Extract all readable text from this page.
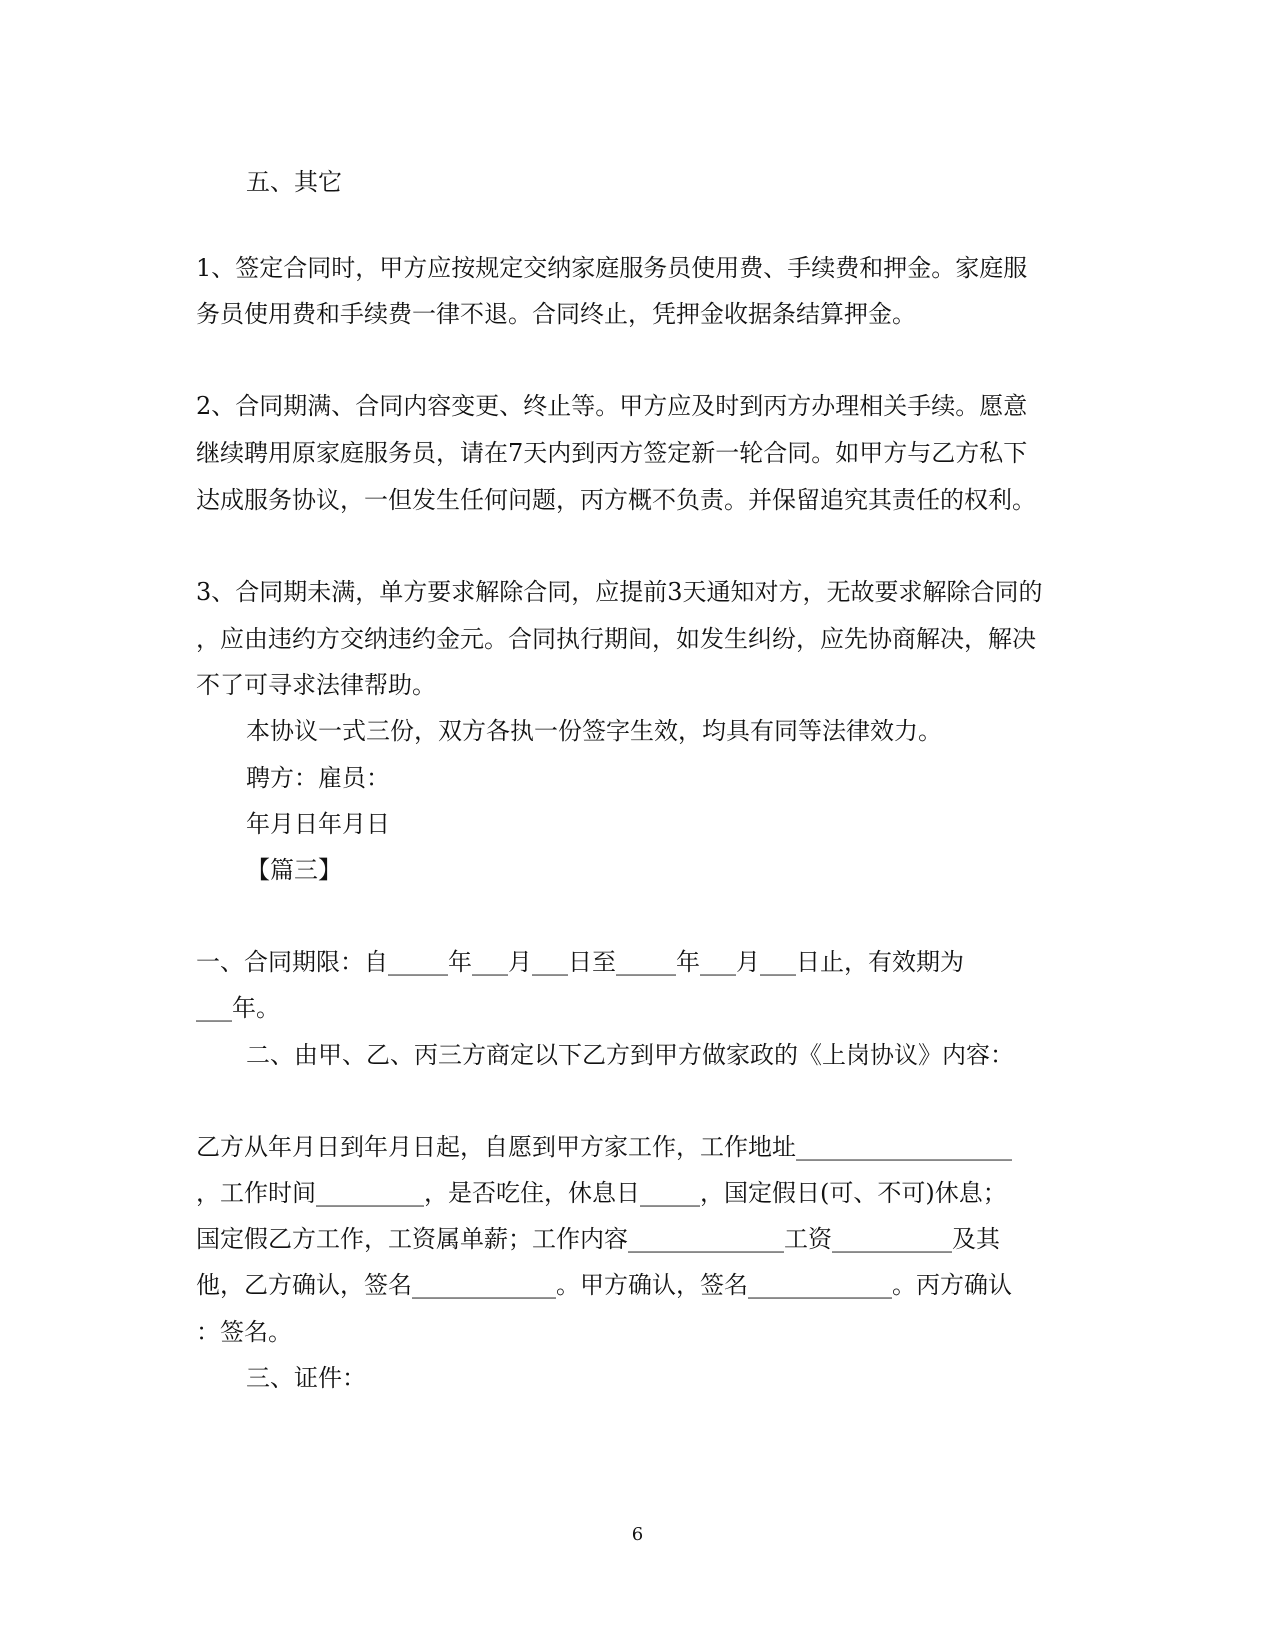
五、其它
1、签定合同时，甲方应按规定交纳家庭服务员使用费、手续费和押金。家庭服
务员使用费和手续费一律不退。合同终止，凭押金收据条结算押金。
2、合同期满、合同内容变更、终止等。甲方应及时到丙方办理相关手续。愿意
继续聘用原家庭服务员，请在7天内到丙方签定新一轮合同。如甲方与乙方私下
达成服务协议，一但发生任何问题，丙方概不负责。并保留追究其责任的权利。
3、合同期未满，单方要求解除合同，应提前3天通知对方，无故要求解除合同的
，应由违约方交纳违约金元。合同执行期间，如发生纠纷，应先协商解决，解决
不了可寻求法律帮助。
本协议一式三份，双方各执一份签字生效，均具有同等法律效力。
聘方：雇员：
年月日年月日
【篇三】
一、合同期限：自_____年___月___日至_____年___月___日止，有效期为
___年。
二、由甲、乙、丙三方商定以下乙方到甲方做家政的《上岗协议》内容：
乙方从年月日到年月日起，自愿到甲方家工作，工作地址__________________
，工作时间_________，是否吃住，休息日_____，国定假日(可、不可)休息；
国定假乙方工作，工资属单薪；工作内容_____________工资__________及其
他，乙方确认，签名____________。甲方确认，签名____________。丙方确认
：签名。
三、证件：
6
